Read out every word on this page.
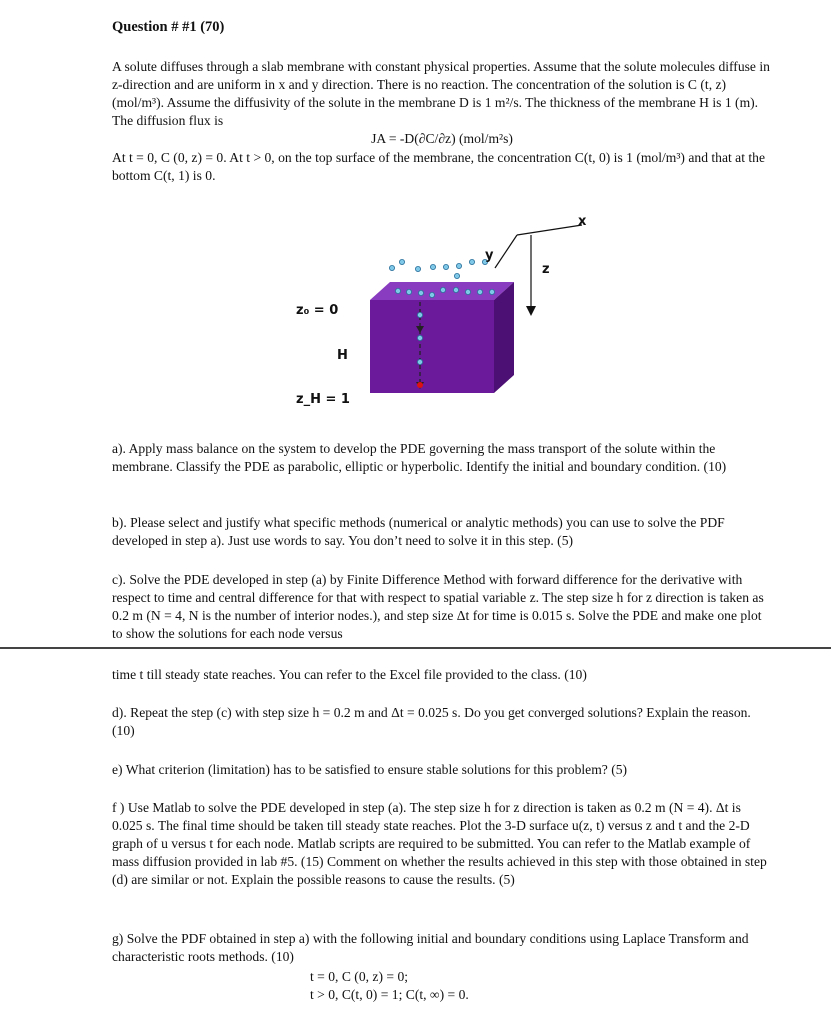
Question # #1 (70)
A solute diffuses through a slab membrane with constant physical properties. Assume that the solute molecules diffuse in z-direction and are uniform in x and y direction. There is no reaction. The concentration of the solution is C (t, z) (mol/m³). Assume the diffusivity of the solute in the membrane D is 1 m²/s. The thickness of the membrane H is 1 (m). The diffusion flux is
JA = -D(∂C/∂z) (mol/m²s)
At t = 0, C (0, z) = 0. At t > 0, on the top surface of the membrane, the concentration C(t, 0) is 1 (mol/m³) and that at the bottom C(t, 1) is 0.
x
y
z
z₀ = 0
H
z_H = 1
a). Apply mass balance on the system to develop the PDE governing the mass transport of the solute within the membrane. Classify the PDE as parabolic, elliptic or hyperbolic. Identify the initial and boundary condition. (10)
b). Please select and justify what specific methods (numerical or analytic methods) you can use to solve the PDF developed in step a). Just use words to say. You don’t need to solve it in this step. (5)
c). Solve the PDE developed in step (a) by Finite Difference Method with forward difference for the derivative with respect to time and central difference for that with respect to spatial variable z. The step size h for z direction is taken as 0.2 m (N = 4, N is the number of interior nodes.), and step size Δt for time is 0.015 s. Solve the PDE and make one plot to show the solutions for each node versus
time t till steady state reaches. You can refer to the Excel file provided to the class. (10)
d). Repeat the step (c) with step size h = 0.2 m and Δt = 0.025 s. Do you get converged solutions? Explain the reason. (10)
e) What criterion (limitation) has to be satisfied to ensure stable solutions for this problem? (5)
f ) Use Matlab to solve the PDE developed in step (a). The step size h for z direction is taken as 0.2 m (N = 4). Δt is 0.025 s. The final time should be taken till steady state reaches. Plot the 3-D surface u(z, t) versus z and t and the 2-D graph of u versus t for each node. Matlab scripts are required to be submitted. You can refer to the Matlab example of mass diffusion provided in lab #5. (15) Comment on whether the results achieved in this step with those obtained in step (d) are similar or not. Explain the possible reasons to cause the results. (5)
g) Solve the PDF obtained in step a) with the following initial and boundary conditions using Laplace Transform and characteristic roots methods. (10)
t = 0, C (0, z) = 0;
t > 0, C(t, 0) = 1; C(t, ∞) = 0.
